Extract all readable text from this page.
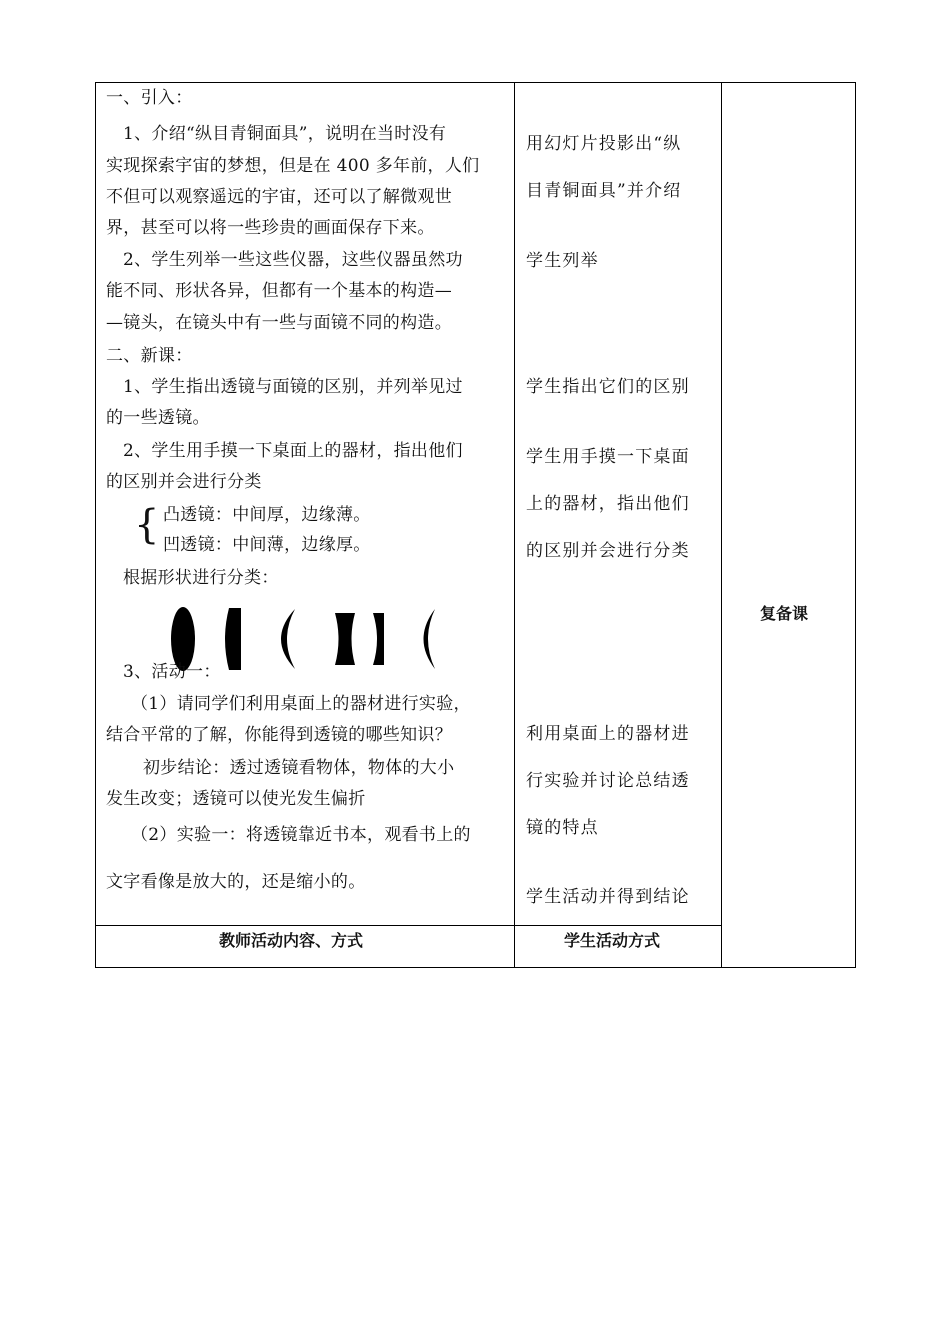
一、引入：
1、介绍“纵目青铜面具”，说明在当时没有
实现探索宇宙的梦想，但是在 400 多年前，人们
不但可以观察遥远的宇宙，还可以了解微观世
界，甚至可以将一些珍贵的画面保存下来。
2、学生列举一些这些仪器，这些仪器虽然功
能不同、形状各异，但都有一个基本的构造—
—镜头，在镜头中有一些与面镜不同的构造。
二、新课：
1、学生指出透镜与面镜的区别，并列举见过
的一些透镜。
2、学生用手摸一下桌面上的器材，指出他们
的区别并会进行分类
{ 凸透镜：中间厚，边缘薄。
凹透镜：中间薄，边缘厚。
根据形状进行分类：
3、活动一：
（1）请同学们利用桌面上的器材进行实验，
结合平常的了解，你能得到透镜的哪些知识？
初步结论：透过透镜看物体，物体的大小
发生改变；透镜可以使光发生偏折
（2）实验一：将透镜靠近书本，观看书上的
文字看像是放大的，还是缩小的。
用幻灯片投影出“纵
目青铜面具”并介绍
学生列举
学生指出它们的区别
学生用手摸一下桌面
上的器材，指出他们
的区别并会进行分类
利用桌面上的器材进
行实验并讨论总结透
镜的特点
学生活动并得到结论
复备课
教师活动内容、方式	学生活动方式
